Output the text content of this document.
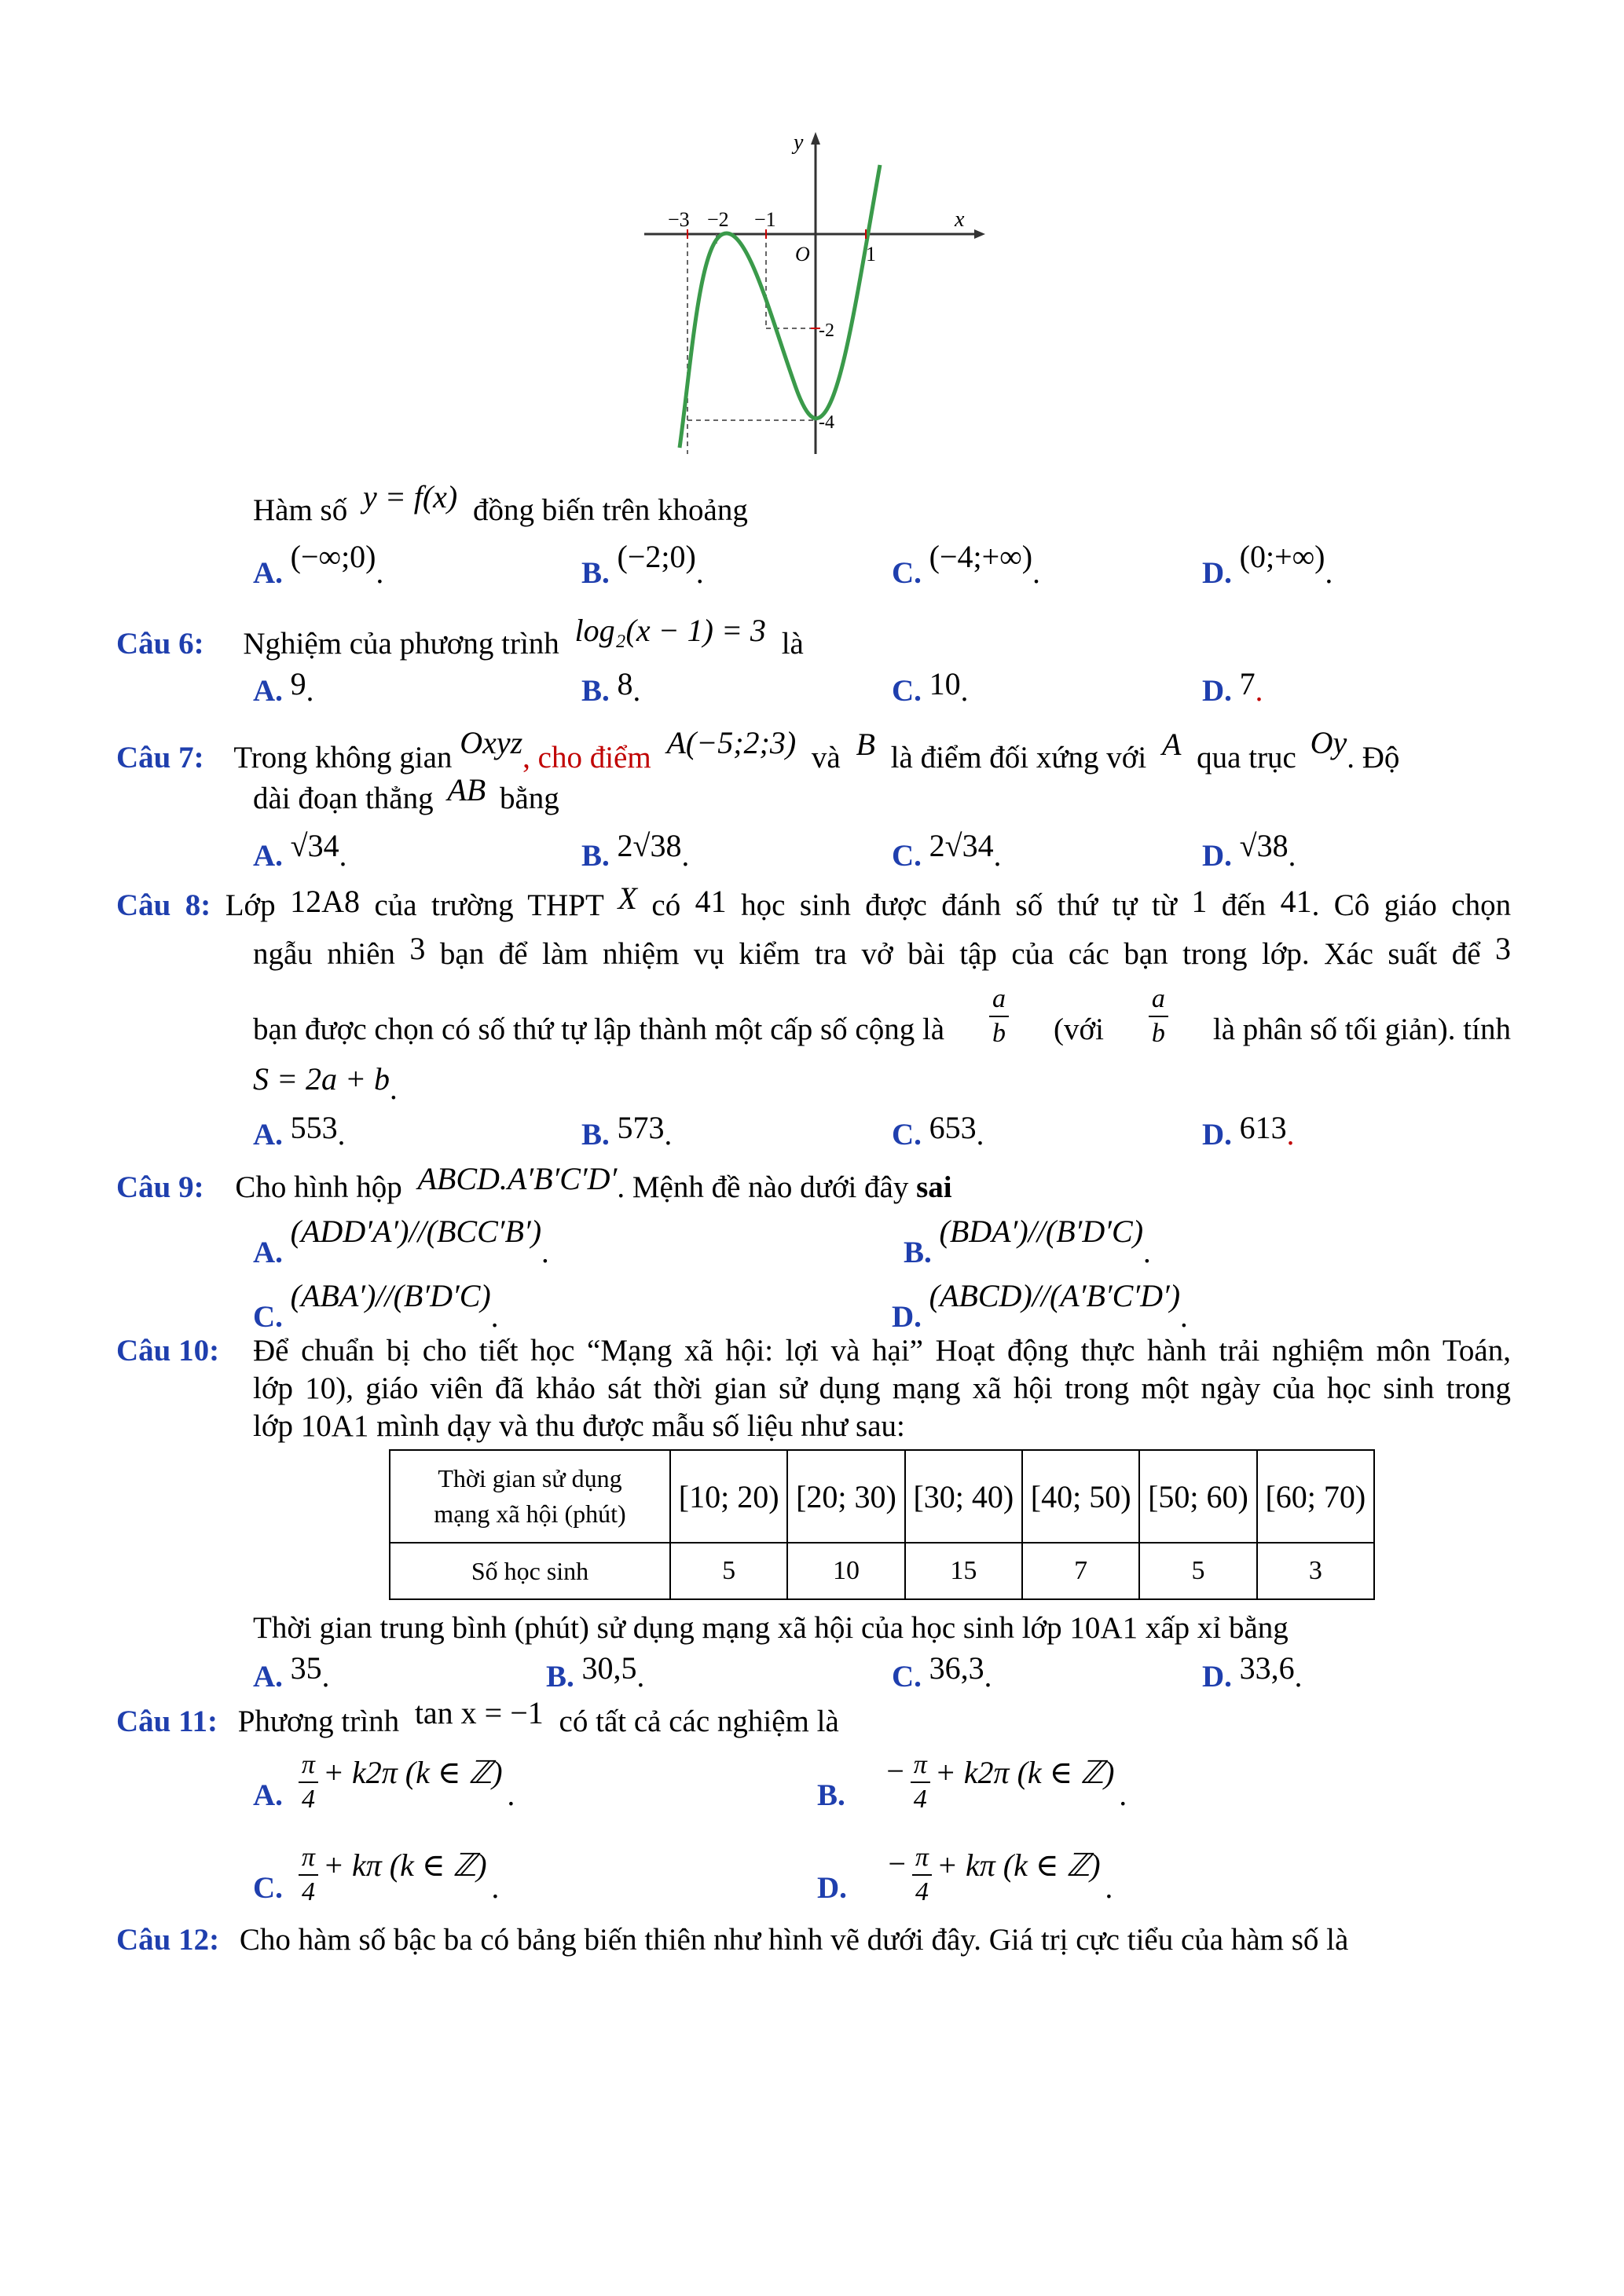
y
x
O
−3 −2 −1
1
-2
-4
Hàm số y = f(x) đồng biến trên khoảng
A. (−∞;0).	B. (−2;0).	C. (−4;+∞).	D. (0;+∞).
Câu 6: Nghiệm của phương trình log₂(x − 1) = 3 là
A. 9.	B. 8.	C. 10.	D. 7.
Câu 7: Trong không gian Oxyz, cho điểm A(−5;2;3) và B là điểm đối xứng với A qua trục Oy. Độ
dài đoạn thẳng AB bằng
A. √34.	B. 2√38.	C. 2√34.	D. √38.
Câu 8: Lớp 12A8 của trường THPT X có 41 học sinh được đánh số thứ tự từ 1 đến 41. Cô giáo chọn
ngẫu nhiên 3 bạn để làm nhiệm vụ kiểm tra vở bài tập của các bạn trong lớp. Xác suất để 3
bạn được chọn có số thứ tự lập thành một cấp số cộng là $\frac{a}{b}$ (với $\frac{a}{b}$ là phân số tối giản). tính
S = 2a + b.
A. 553.	B. 573.	C. 653.	D. 613.
Câu 9: Cho hình hộp ABCD.A′B′C′D′. Mệnh đề nào dưới đây sai
A. (ADD′A′)//(BCC′B′).	B. (BDA′)//(B′D′C).
C. (ABA′)//(B′D′C).	D. (ABCD)//(A′B′C′D′).
Câu 10: Để chuẩn bị cho tiết học “Mạng xã hội: lợi và hại” Hoạt động thực hành trải nghiệm môn Toán,
lớp 10), giáo viên đã khảo sát thời gian sử dụng mạng xã hội trong một ngày của học sinh trong
lớp 10A1 mình dạy và thu được mẫu số liệu như sau:
Thời gian sử dụng
mạng xã hội (phút)	[10; 20)	[20; 30)	[30; 40)	[40; 50)	[50; 60)	[60; 70)
Số học sinh	5	10	15	7	5	3
Thời gian trung bình (phút) sử dụng mạng xã hội của học sinh lớp 10A1 xấp xỉ bằng
A. 35.	B. 30,5.	C. 36,3.	D. 33,6.
Câu 11: Phương trình tan x = −1 có tất cả các nghiệm là
A. $\frac{\pi}{4} + k2\pi$ (k ∈ ℤ)
.	B.
− $\frac{\pi}{4} + k2\pi$ (k ∈ ℤ)
.
C. $\frac{\pi}{4} + k\pi$ (k ∈ ℤ)
.	D.
− $\frac{\pi}{4} + k\pi$ (k ∈ ℤ)
.
Câu 12: Cho hàm số bậc ba có bảng biến thiên như hình vẽ dưới đây. Giá trị cực tiểu của hàm số là
